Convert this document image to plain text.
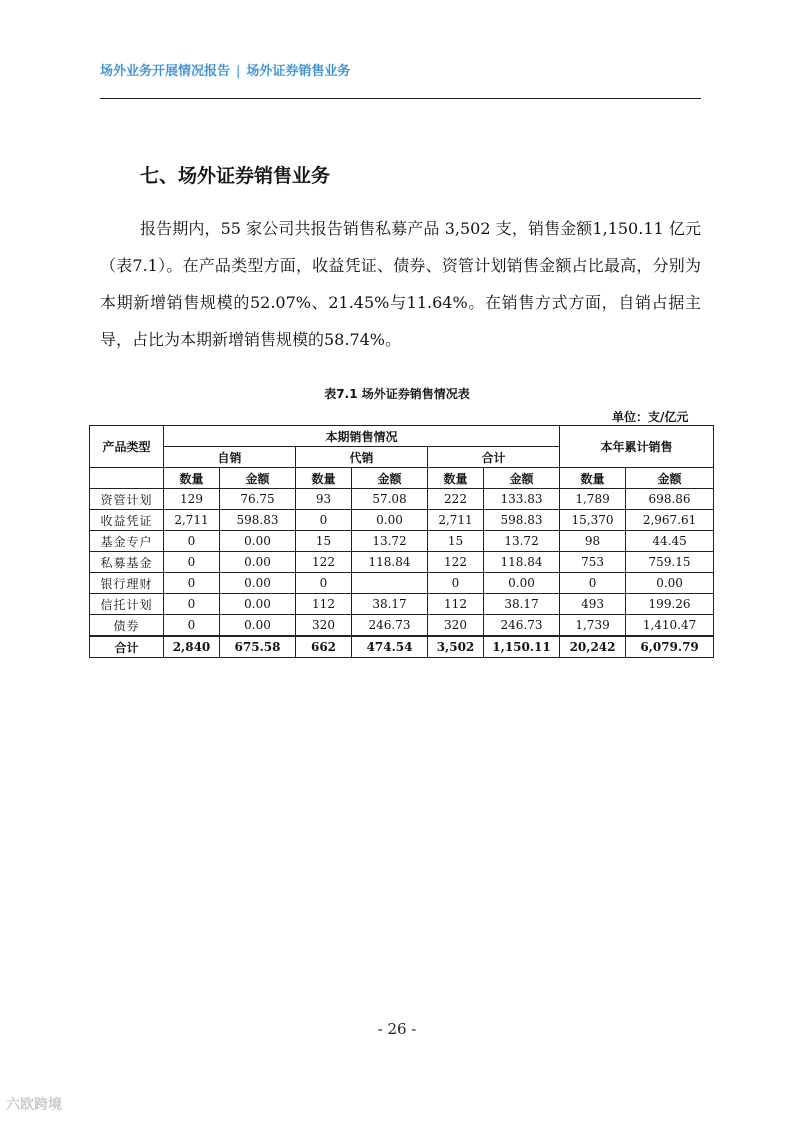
场外业务开展情况报告 | 场外证券销售业务
七、场外证券销售业务
报告期内，55 家公司共报告销售私募产品 3,502 支，销售金额1,150.11 亿元（表7.1）。在产品类型方面，收益凭证、债券、资管计划销售金额占比最高，分别为本期新增销售规模的52.07%、21.45%与11.64%。在销售方式方面，自销占据主导，占比为本期新增销售规模的58.74%。
表7.1 场外证券销售情况表
单位：支/亿元
产品类型	本期销售情况						本年累计销售	
	自销		代销		合计			
	数量	金额	数量	金额	数量	金额	数量	金额
资管计划	129	76.75	93	57.08	222	133.83	1,789	698.86
收益凭证	2,711	598.83	0	0.00	2,711	598.83	15,370	2,967.61
基金专户	0	0.00	15	13.72	15	13.72	98	44.45
私募基金	0	0.00	122	118.84	122	118.84	753	759.15
银行理财	0	0.00	0		0	0.00	0	0.00
信托计划	0	0.00	112	38.17	112	38.17	493	199.26
债券	0	0.00	320	246.73	320	246.73	1,739	1,410.47
合计	2,840	675.58	662	474.54	3,502	1,150.11	20,242	6,079.79
- 26 -
六欧跨境
